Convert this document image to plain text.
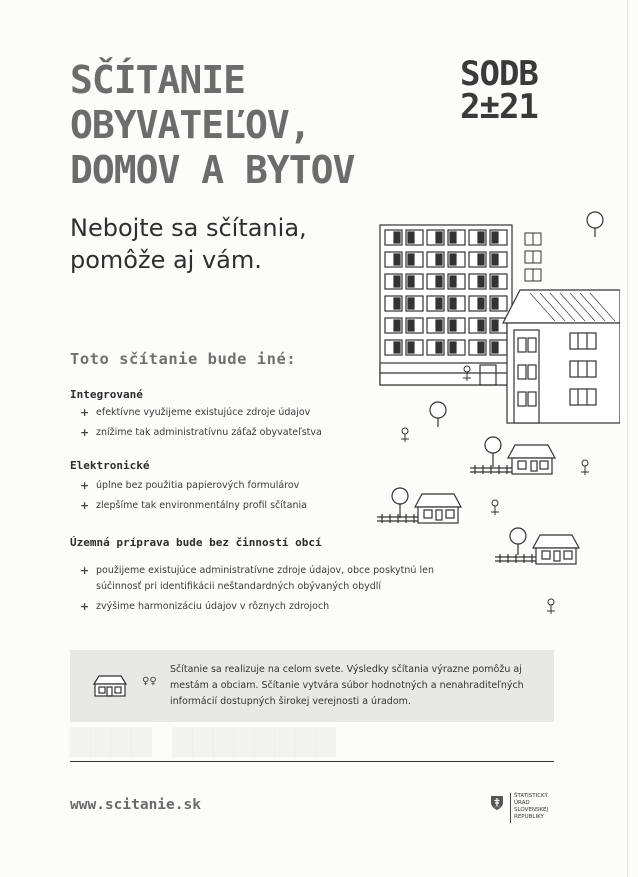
SČÍTANIE
OBYVATEĽOV,
DOMOV A BYTOV
SODB
2±21
Nebojte sa sčítania,
pomôže aj vám.
Toto sčítanie bude iné:
Integrované
+ efektívne využijeme existujúce zdroje údajov
+ znížime tak administratívnu záťaž obyvateľstva
Elektronické
+ úplne bez použitia papierových formulárov
+ zlepšíme tak environmentálny profil sčítania
Územná príprava bude bez činností obcí
+ použijeme existujúce administratívne zdroje údajov, obce poskytnú len súčinnosť pri identifikácii neštandardných obývaných obydlí
+ zvýšime harmonizáciu údajov v rôznych zdrojoch
♀♀
Sčítanie sa realizuje na celom svete. Výsledky sčítania výrazne pomôžu aj mestám a obciam. Sčítanie vytvára súbor hodnotných a nenahraditeľných informácií dostupných širokej verejnosti a úradom.
www.scitanie.sk
ŠTATISTICKÝ
ÚRAD
SLOVENSKEJ
REPUBLIKY
